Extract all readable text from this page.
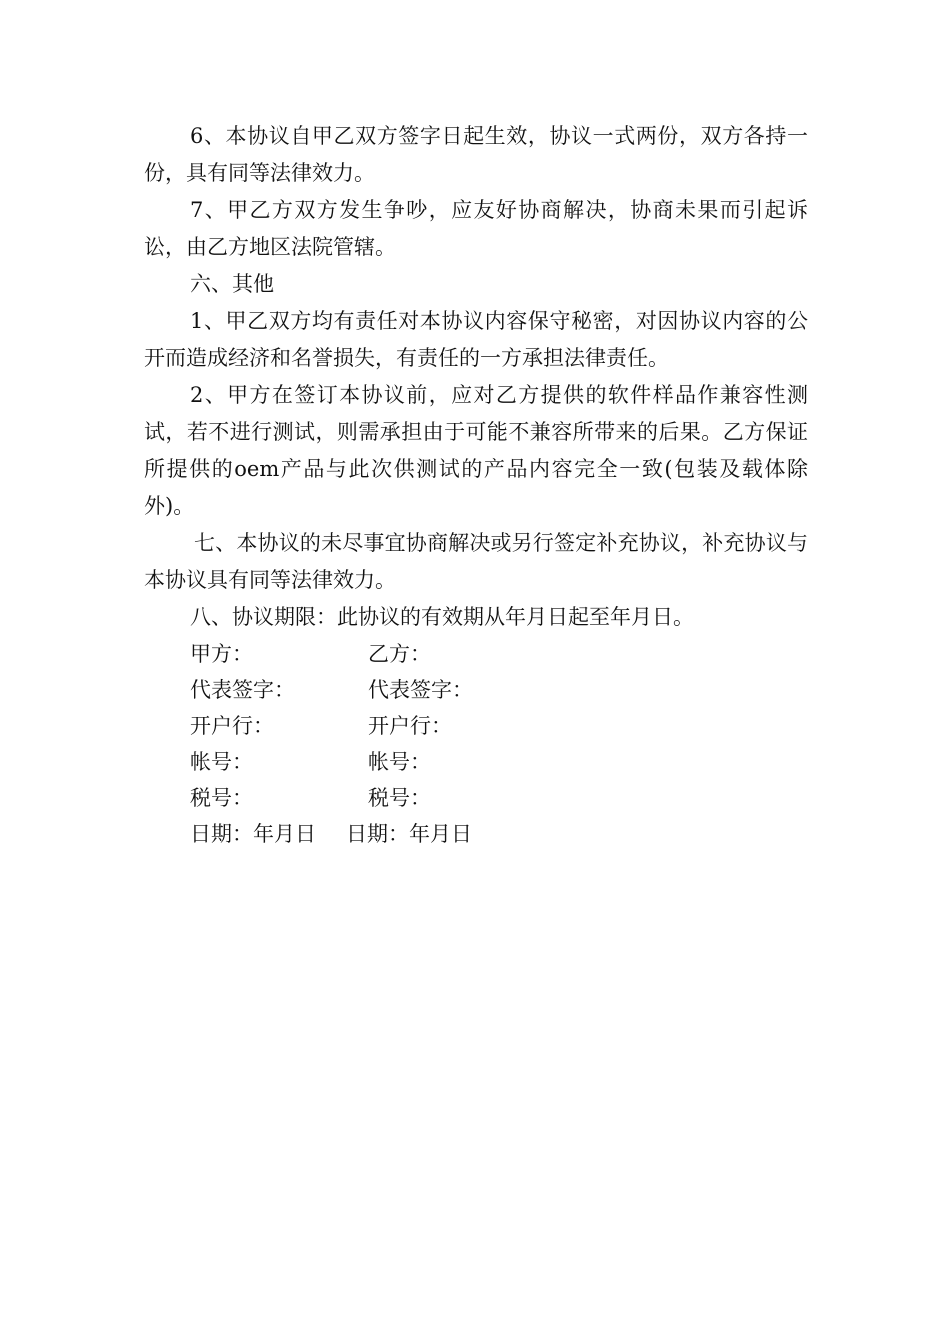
6、本协议自甲乙双方签字日起生效，协议一式两份，双方各持一份，具有同等法律效力。

7、甲乙方双方发生争吵，应友好协商解决，协商未果而引起诉讼，由乙方地区法院管辖。

六、其他

1、甲乙双方均有责任对本协议内容保守秘密，对因协议内容的公开而造成经济和名誉损失，有责任的一方承担法律责任。

2、甲方在签订本协议前，应对乙方提供的软件样品作兼容性测试，若不进行测试，则需承担由于可能不兼容所带来的后果。乙方保证所提供的oem产品与此次供测试的产品内容完全一致(包装及载体除外)。

七、本协议的未尽事宜协商解决或另行签定补充协议，补充协议与本协议具有同等法律效力。

八、协议期限：此协议的有效期从年月日起至年月日。

甲方：	乙方：
代表签字：	代表签字：
开户行：	开户行：
帐号：	帐号：
税号：	税号：
日期：年月日 日期：年月日
